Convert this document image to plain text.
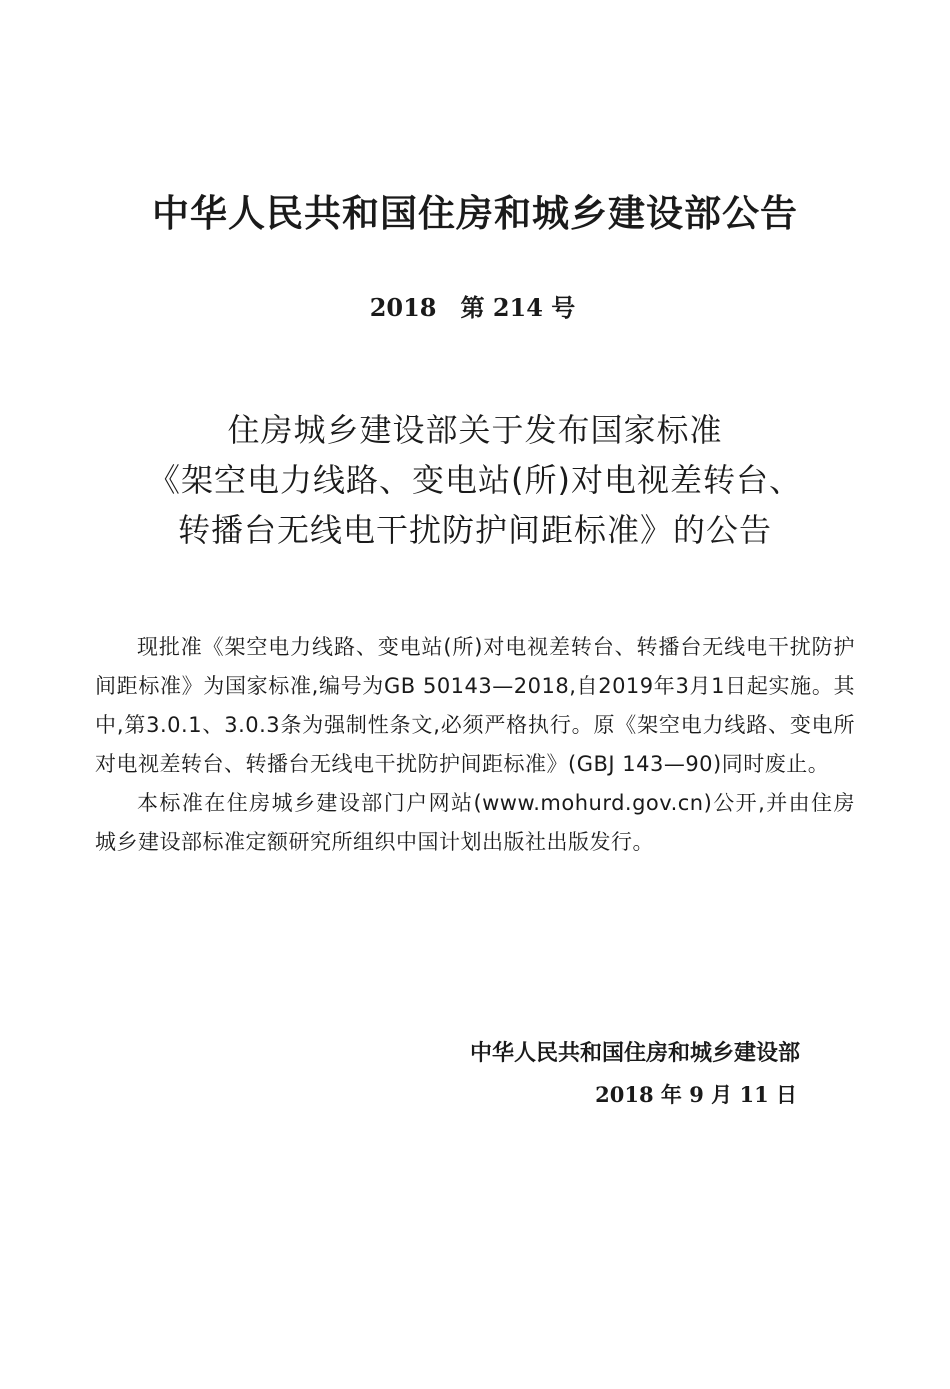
中华人民共和国住房和城乡建设部公告
2018　第 214 号
住房城乡建设部关于发布国家标准
《架空电力线路、变电站(所)对电视差转台、
转播台无线电干扰防护间距标准》的公告

现批准《架空电力线路、变电站(所)对电视差转台、转播台无线电干扰防护间距标准》为国家标准,编号为GB 50143—2018,自2019年3月1日起实施。其中,第3.0.1、3.0.3条为强制性条文,必须严格执行。原《架空电力线路、变电所对电视差转台、转播台无线电干扰防护间距标准》(GBJ 143—90)同时废止。

本标准在住房城乡建设部门户网站(www.mohurd.gov.cn)公开,并由住房城乡建设部标准定额研究所组织中国计划出版社出版发行。

中华人民共和国住房和城乡建设部
2018 年 9 月 11 日
